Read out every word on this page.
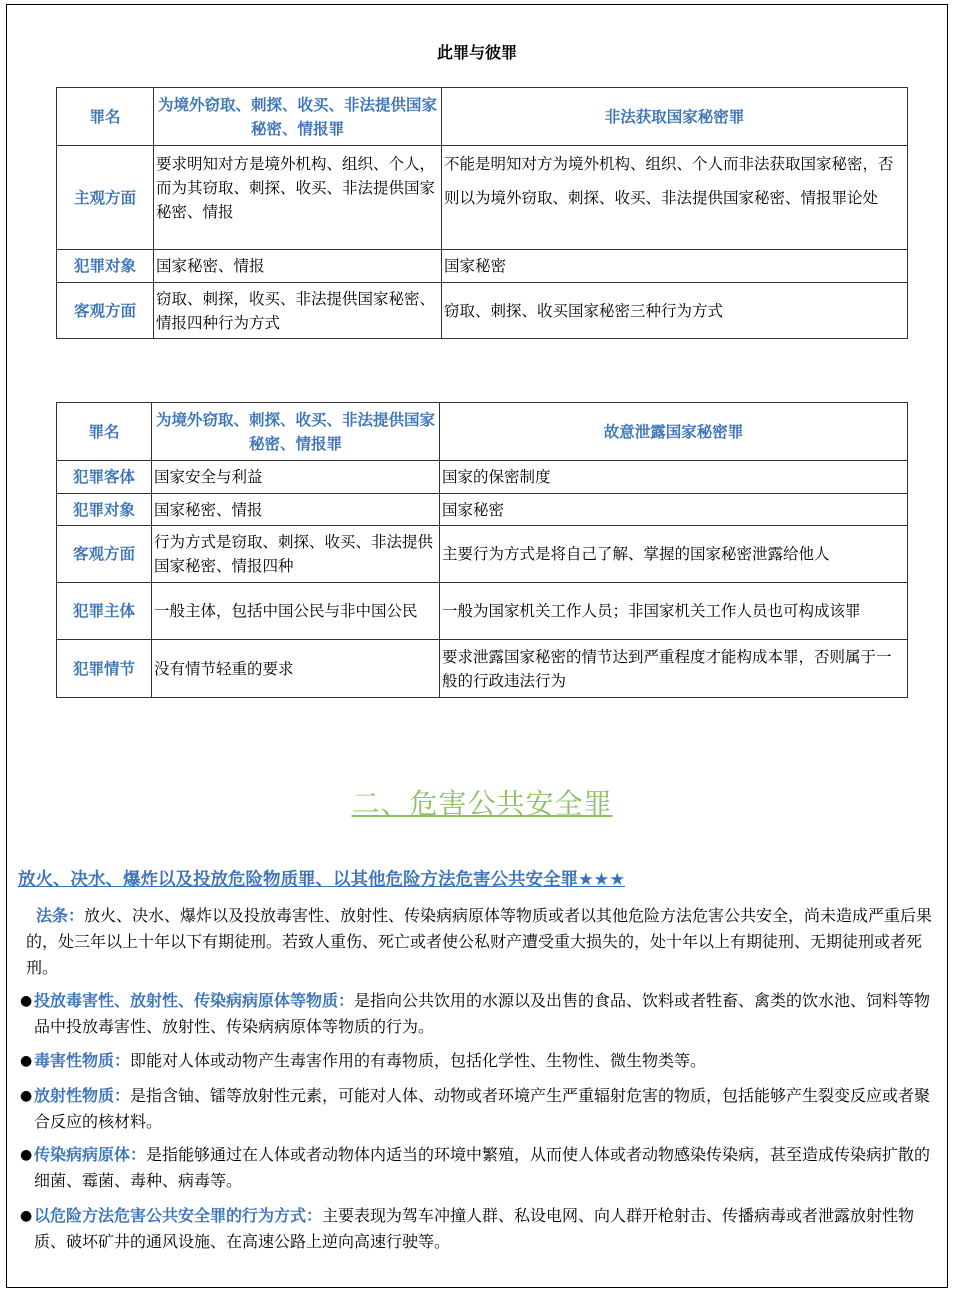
此罪与彼罪
罪名	为境外窃取、刺探、收买、非法提供国家秘密、情报罪	非法获取国家秘密罪
主观方面	要求明知对方是境外机构、组织、个人，而为其窃取、刺探、收买、非法提供国家秘密、情报	不能是明知对方为境外机构、组织、个人而非法获取国家秘密，否则以为境外窃取、刺探、收买、非法提供国家秘密、情报罪论处
犯罪对象	国家秘密、情报	国家秘密
客观方面	窃取、刺探，收买、非法提供国家秘密、情报四种行为方式	窃取、刺探、收买国家秘密三种行为方式
罪名	为境外窃取、刺探、收买、非法提供国家秘密、情报罪	故意泄露国家秘密罪
犯罪客体	国家安全与利益	国家的保密制度
犯罪对象	国家秘密、情报	国家秘密
客观方面	行为方式是窃取、刺探、收买、非法提供国家秘密、情报四种	主要行为方式是将自己了解、掌握的国家秘密泄露给他人
犯罪主体	一般主体，包括中国公民与非中国公民	一般为国家机关工作人员；非国家机关工作人员也可构成该罪
犯罪情节	没有情节轻重的要求	要求泄露国家秘密的情节达到严重程度才能构成本罪，否则属于一般的行政违法行为
二、危害公共安全罪
放火、决水、爆炸以及投放危险物质罪、以其他危险方法危害公共安全罪★★★
法条：放火、决水、爆炸以及投放毒害性、放射性、传染病病原体等物质或者以其他危险方法危害公共安全，尚未造成严重后果的，处三年以上十年以下有期徒刑。若致人重伤、死亡或者使公私财产遭受重大损失的，处十年以上有期徒刑、无期徒刑或者死刑。
● 投放毒害性、放射性、传染病病原体等物质：是指向公共饮用的水源以及出售的食品、饮料或者牲畜、禽类的饮水池、饲料等物品中投放毒害性、放射性、传染病病原体等物质的行为。
● 毒害性物质：即能对人体或动物产生毒害作用的有毒物质，包括化学性、生物性、微生物类等。
● 放射性物质：是指含铀、镭等放射性元素，可能对人体、动物或者环境产生严重辐射危害的物质，包括能够产生裂变反应或者聚合反应的核材料。
● 传染病病原体：是指能够通过在人体或者动物体内适当的环境中繁殖，从而使人体或者动物感染传染病，甚至造成传染病扩散的细菌、霉菌、毒种、病毒等。
● 以危险方法危害公共安全罪的行为方式：主要表现为驾车冲撞人群、私设电网、向人群开枪射击、传播病毒或者泄露放射性物质、破坏矿井的通风设施、在高速公路上逆向高速行驶等。
